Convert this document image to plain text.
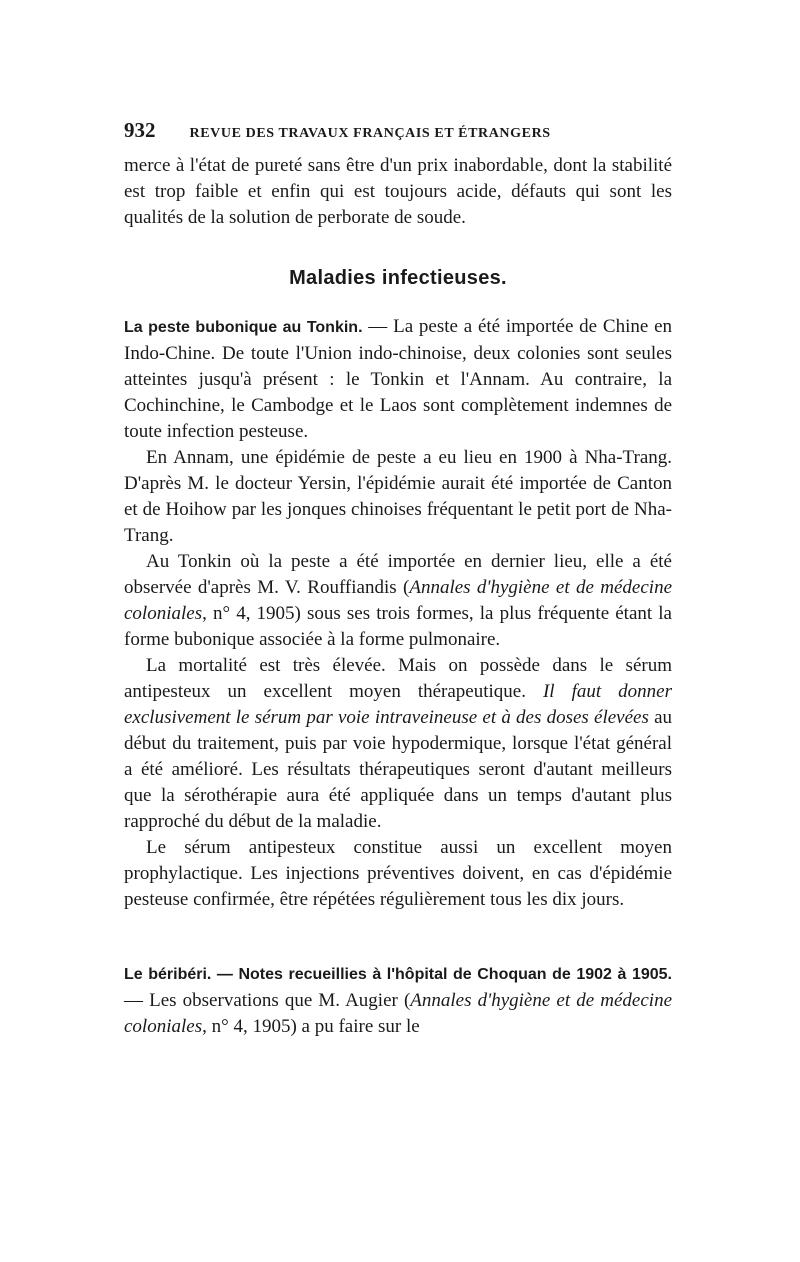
932 REVUE DES TRAVAUX FRANÇAIS ET ÉTRANGERS

merce à l'état de pureté sans être d'un prix inabordable, dont la stabilité est trop faible et enfin qui est toujours acide, défauts qui sont les qualités de la solution de perborate de soude.

Maladies infectieuses.

La peste bubonique au Tonkin. — La peste a été importée de Chine en Indo-Chine. De toute l'Union indo-chinoise, deux colonies sont seules atteintes jusqu'à présent : le Tonkin et l'Annam. Au contraire, la Cochinchine, le Cambodge et le Laos sont complètement indemnes de toute infection pesteuse.

En Annam, une épidémie de peste a eu lieu en 1900 à Nha-Trang. D'après M. le docteur Yersin, l'épidémie aurait été importée de Canton et de Hoihow par les jonques chinoises fréquentant le petit port de Nha-Trang.

Au Tonkin où la peste a été importée en dernier lieu, elle a été observée d'après M. V. Rouffiandis (Annales d'hygiène et de médecine coloniales, n° 4, 1905) sous ses trois formes, la plus fréquente étant la forme bubonique associée à la forme pulmonaire.

La mortalité est très élevée. Mais on possède dans le sérum antipesteux un excellent moyen thérapeutique. Il faut donner exclusivement le sérum par voie intraveineuse et à des doses élevées au début du traitement, puis par voie hypodermique, lorsque l'état général a été amélioré. Les résultats thérapeutiques seront d'autant meilleurs que la sérothérapie aura été appliquée dans un temps d'autant plus rapproché du début de la maladie.

Le sérum antipesteux constitue aussi un excellent moyen prophylactique. Les injections préventives doivent, en cas d'épidémie pesteuse confirmée, être répétées régulièrement tous les dix jours.

Le béribéri. — Notes recueillies à l'hôpital de Choquan de 1902 à 1905. — Les observations que M. Augier (Annales d'hygiène et de médecine coloniales, n° 4, 1905) a pu faire sur le
